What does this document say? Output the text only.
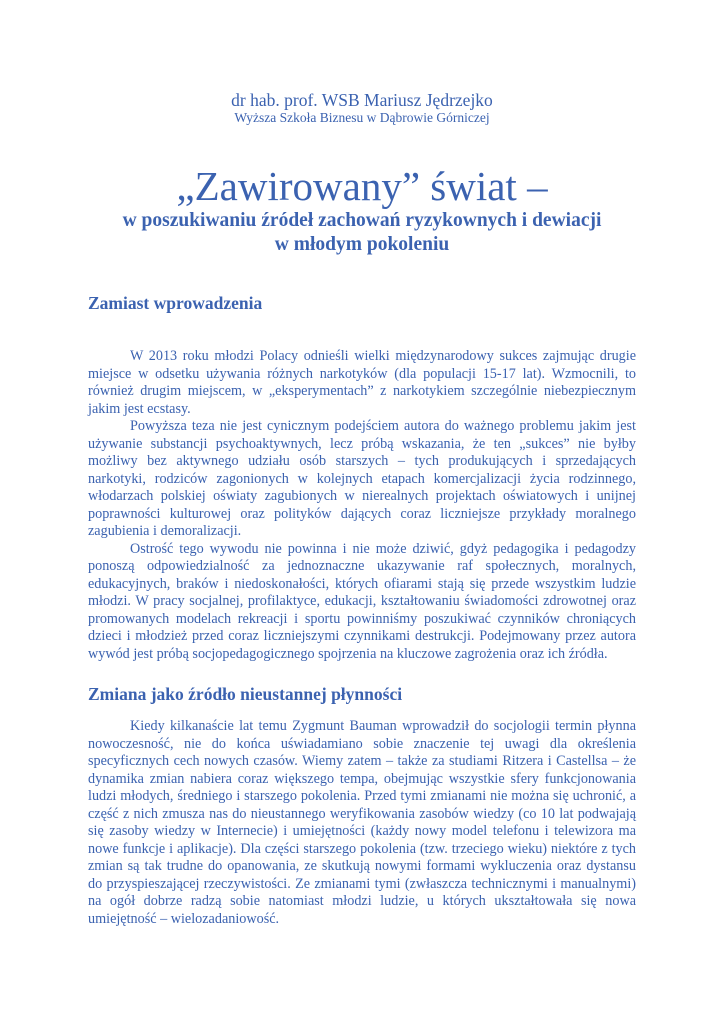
dr hab. prof. WSB Mariusz Jędrzejko
Wyższa Szkoła Biznesu w Dąbrowie Górniczej
„Zawirowany” świat –
w poszukiwaniu źródeł zachowań ryzykownych i dewiacji
w młodym pokoleniu
Zamiast wprowadzenia

W 2013 roku młodzi Polacy odnieśli wielki międzynarodowy sukces zajmując drugie miejsce w odsetku używania różnych narkotyków (dla populacji 15-17 lat). Wzmocnili, to również drugim miejscem, w „eksperymentach” z narkotykiem szczególnie niebezpiecznym jakim jest ecstasy.

Powyższa teza nie jest cynicznym podejściem autora do ważnego problemu jakim jest używanie substancji psychoaktywnych, lecz próbą wskazania, że ten „sukces” nie byłby możliwy bez aktywnego udziału osób starszych – tych produkujących i sprzedających narkotyki, rodziców zagonionych w kolejnych etapach komercjalizacji życia rodzinnego, włodarzach polskiej oświaty zagubionych w nierealnych projektach oświatowych i unijnej poprawności kulturowej oraz polityków dających coraz liczniejsze przykłady moralnego zagubienia i demoralizacji.

Ostrość tego wywodu nie powinna i nie może dziwić, gdyż pedagogika i pedagodzy ponoszą odpowiedzialność za jednoznaczne ukazywanie raf społecznych, moralnych, edukacyjnych, braków i niedoskonałości, których ofiarami stają się przede wszystkim ludzie młodzi. W pracy socjalnej, profilaktyce, edukacji, kształtowaniu świadomości zdrowotnej oraz promowanych modelach rekreacji i sportu powinniśmy poszukiwać czynników chroniących dzieci i młodzież przed coraz liczniejszymi czynnikami destrukcji. Podejmowany przez autora wywód jest próbą socjopedagogicznego spojrzenia na kluczowe zagrożenia oraz ich źródła.

Zmiana jako źródło nieustannej płynności

Kiedy kilkanaście lat temu Zygmunt Bauman wprowadził do socjologii termin płynna nowoczesność, nie do końca uświadamiano sobie znaczenie tej uwagi dla określenia specyficznych cech nowych czasów. Wiemy zatem – także za studiami Ritzera i Castellsa – że dynamika zmian nabiera coraz większego tempa, obejmując wszystkie sfery funkcjonowania ludzi młodych, średniego i starszego pokolenia. Przed tymi zmianami nie można się uchronić, a część z nich zmusza nas do nieustannego weryfikowania zasobów wiedzy (co 10 lat podwajają się zasoby wiedzy w Internecie) i umiejętności (każdy nowy model telefonu i telewizora ma nowe funkcje i aplikacje). Dla części starszego pokolenia (tzw. trzeciego wieku) niektóre z tych zmian są tak trudne do opanowania, ze skutkują nowymi formami wykluczenia oraz dystansu do przyspieszającej rzeczywistości. Ze zmianami tymi (zwłaszcza technicznymi i manualnymi) na ogół dobrze radzą sobie natomiast młodzi ludzie, u których ukształtowała się nowa umiejętność – wielozadaniowość.
